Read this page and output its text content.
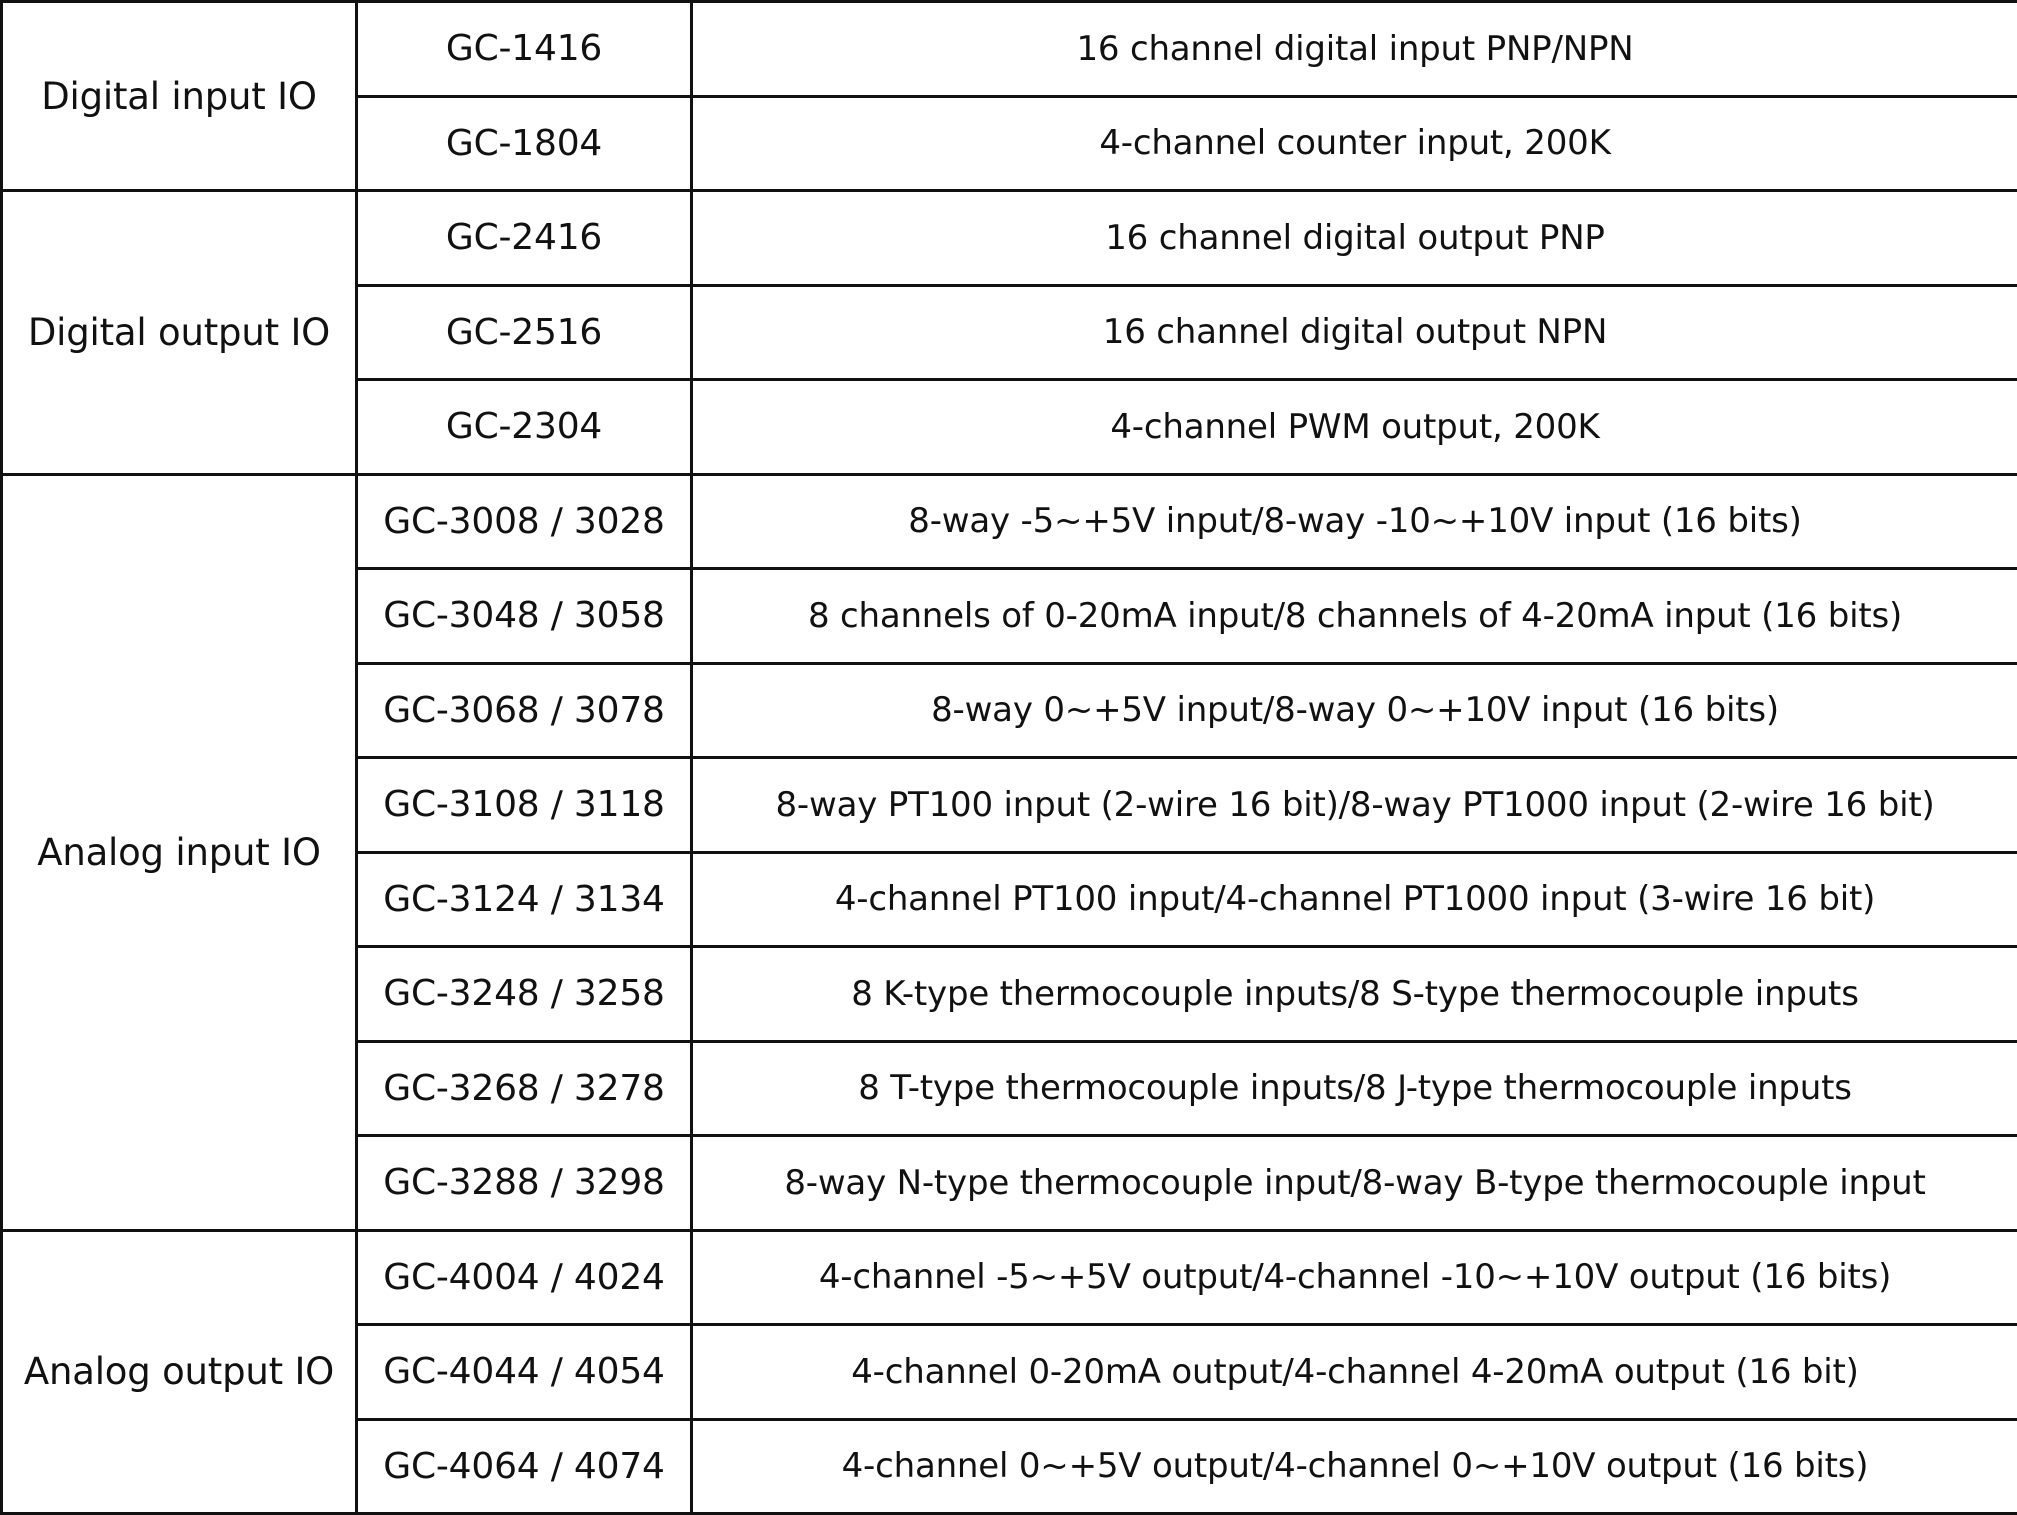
Digital input IO	GC-1416	16 channel digital input PNP/NPN
	GC-1804	4-channel counter input, 200K
Digital output IO	GC-2416	16 channel digital output PNP
	GC-2516	16 channel digital output NPN
	GC-2304	4-channel PWM output, 200K
Analog input IO	GC-3008 / 3028	8-way -5~+5V input/8-way -10~+10V input (16 bits)
	GC-3048 / 3058	8 channels of 0-20mA input/8 channels of 4-20mA input (16 bits)
	GC-3068 / 3078	8-way 0~+5V input/8-way 0~+10V input (16 bits)
	GC-3108 / 3118	8-way PT100 input (2-wire 16 bit)/8-way PT1000 input (2-wire 16 bit)
	GC-3124 / 3134	4-channel PT100 input/4-channel PT1000 input (3-wire 16 bit)
	GC-3248 / 3258	8 K-type thermocouple inputs/8 S-type thermocouple inputs
	GC-3268 / 3278	8 T-type thermocouple inputs/8 J-type thermocouple inputs
	GC-3288 / 3298	8-way N-type thermocouple input/8-way B-type thermocouple input
Analog output IO	GC-4004 / 4024	4-channel -5~+5V output/4-channel -10~+10V output (16 bits)
	GC-4044 / 4054	4-channel 0-20mA output/4-channel 4-20mA output (16 bit)
	GC-4064 / 4074	4-channel 0~+5V output/4-channel 0~+10V output (16 bits)
